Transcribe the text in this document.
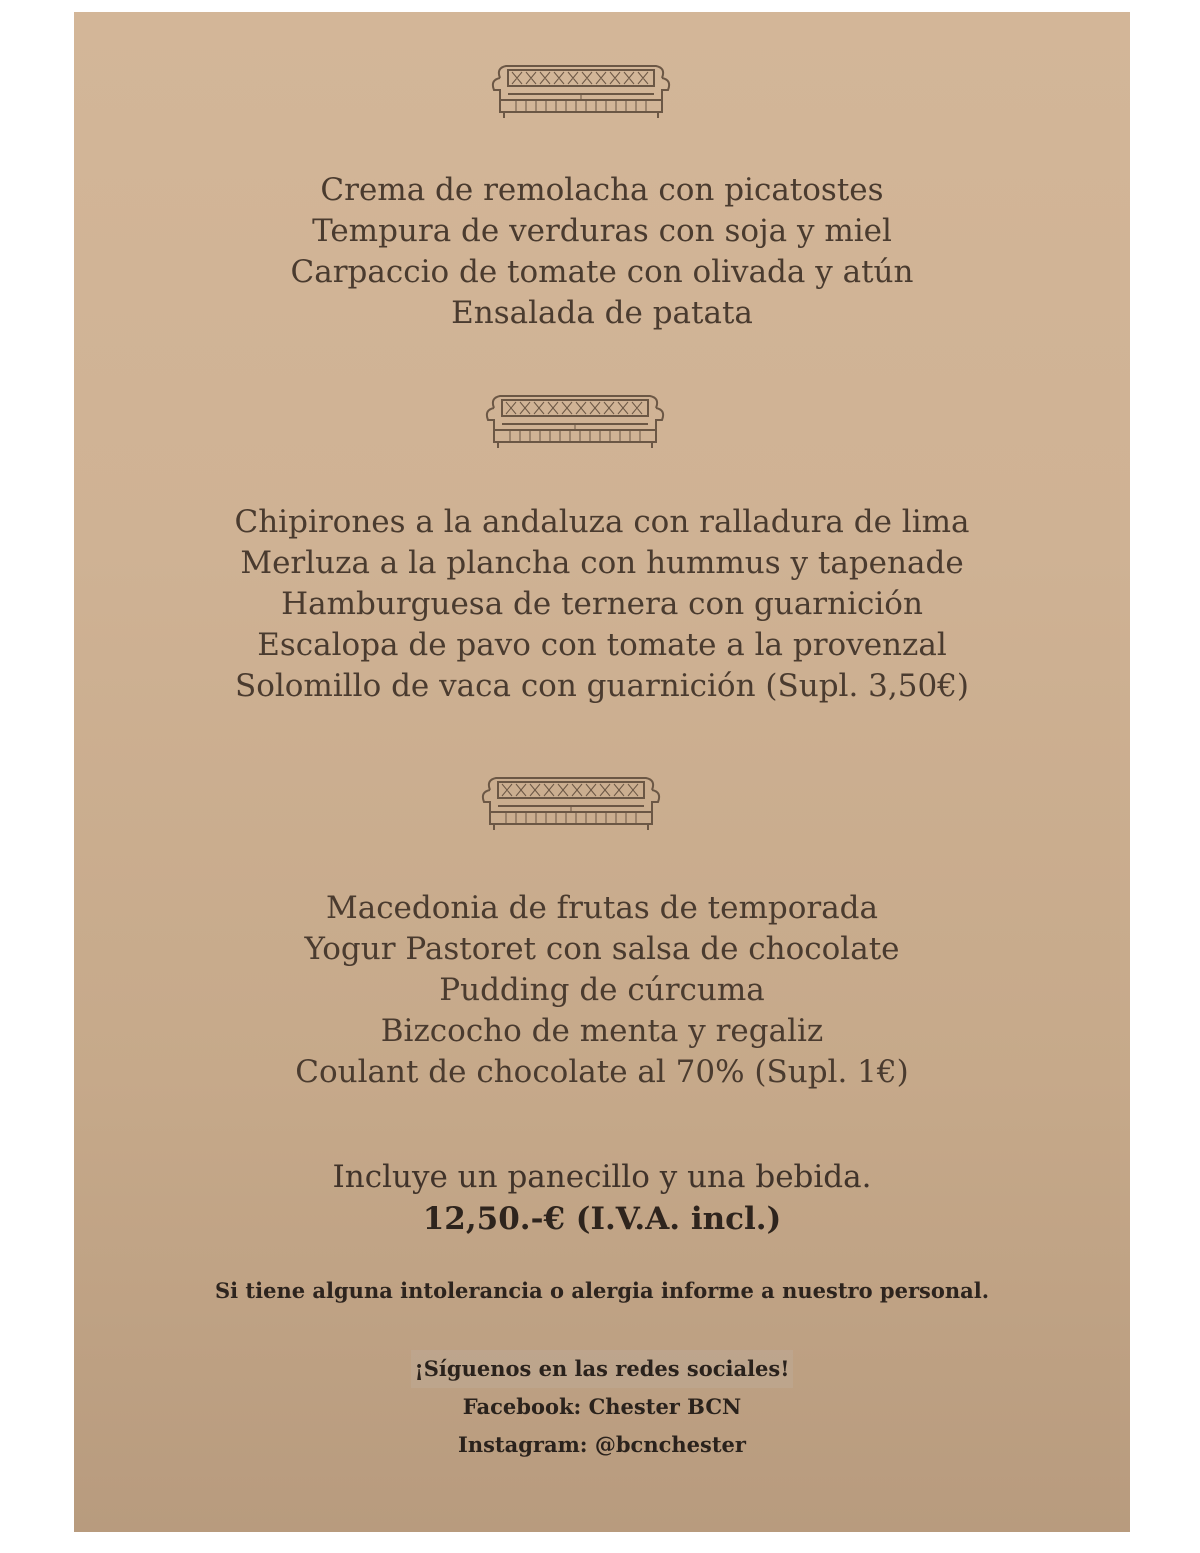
Crema de remolacha con picatostes
Tempura de verduras con soja y miel
Carpaccio de tomate con olivada y atún
Ensalada de patata
Chipirones a la andaluza con ralladura de lima
Merluza a la plancha con hummus y tapenade
Hamburguesa de ternera con guarnición
Escalopa de pavo con tomate a la provenzal
Solomillo de vaca con guarnición (Supl. 3,50€)
Macedonia de frutas de temporada
Yogur Pastoret con salsa de chocolate
Pudding de cúrcuma
Bizcocho de menta y regaliz
Coulant de chocolate al 70% (Supl. 1€)
Incluye un panecillo y una bebida.
12,50.-€ (I.V.A. incl.)
Si tiene alguna intolerancia o alergia informe a nuestro personal.
¡Síguenos en las redes sociales!
Facebook: Chester BCN
Instagram: @bcnchester
